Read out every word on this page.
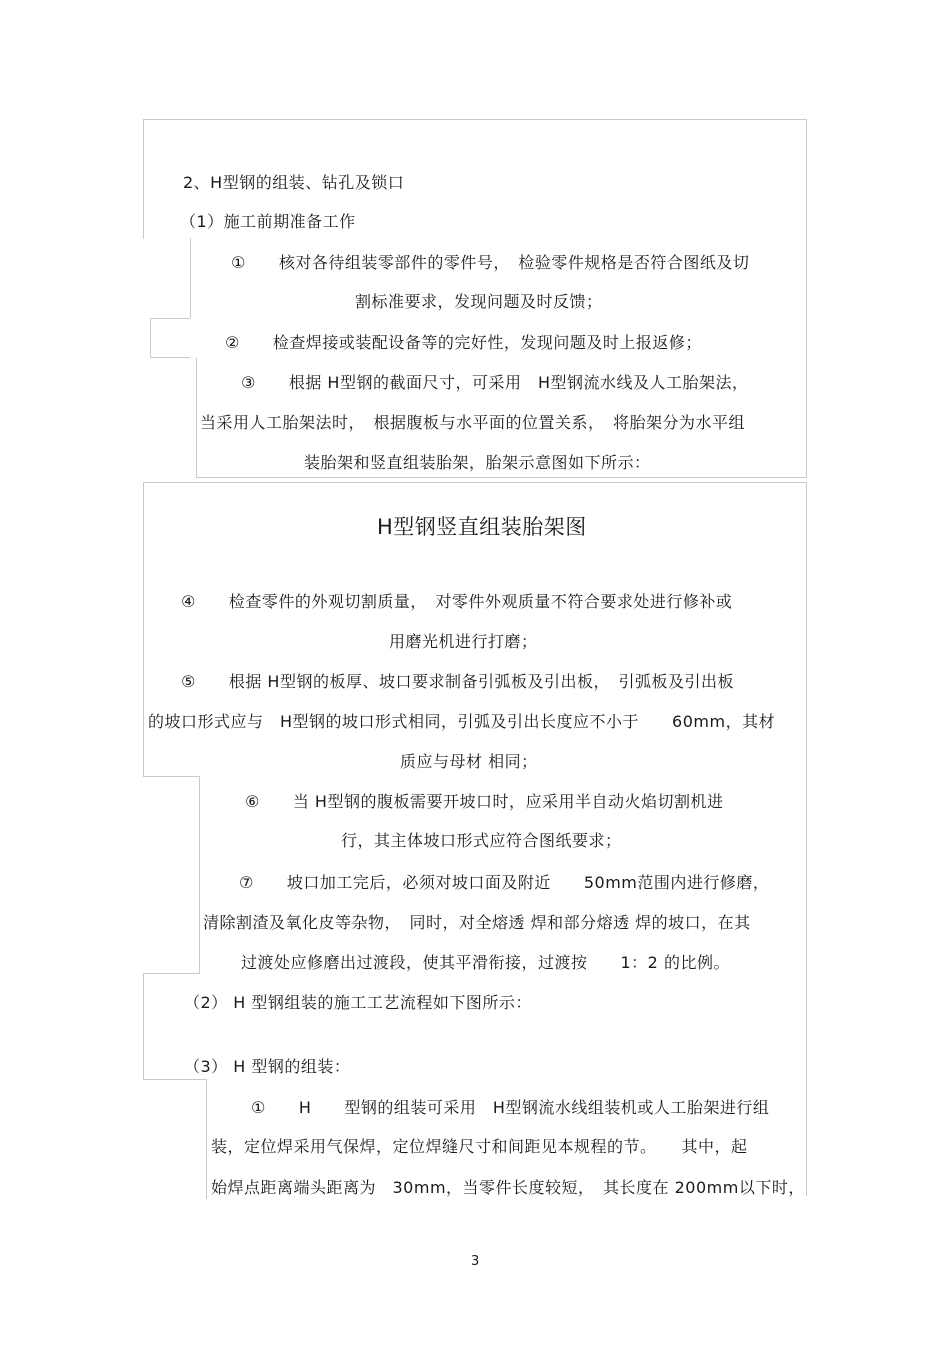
2、H型钢的组装、钻孔及锁口
（1）施工前期准备工作
①　　核对各待组装零部件的零件号，　检验零件规格是否符合图纸及切
割标准要求，发现问题及时反馈；
②　　检查焊接或装配设备等的完好性，发现问题及时上报返修；
③　　根据 H型钢的截面尺寸，可采用　H型钢流水线及人工胎架法，
当采用人工胎架法时，　根据腹板与水平面的位置关系，　将胎架分为水平组
装胎架和竖直组装胎架，胎架示意图如下所示：
H型钢竖直组装胎架图
④　　检查零件的外观切割质量，　对零件外观质量不符合要求处进行修补或
用磨光机进行打磨；
⑤　　根据 H型钢的板厚、坡口要求制备引弧板及引出板，　引弧板及引出板
的坡口形式应与　H型钢的坡口形式相同，引弧及引出长度应不小于　　60mm，其材
质应与母材 相同；
⑥　　当 H型钢的腹板需要开坡口时，应采用半自动火焰切割机进
行，其主体坡口形式应符合图纸要求；
⑦　　坡口加工完后，必须对坡口面及附近　　50mm范围内进行修磨，
清除割渣及氧化皮等杂物，　同时，对全熔透 焊和部分熔透 焊的坡口，在其
过渡处应修磨出过渡段，使其平滑衔接，过渡按　　1：2 的比例。
（2） H 型钢组装的施工工艺流程如下图所示：
（3） H 型钢的组装：
①　　H　　型钢的组装可采用　H型钢流水线组装机或人工胎架进行组
装，定位焊采用气保焊，定位焊缝尺寸和间距见本规程的节。　　其中，起
始焊点距离端头距离为　30mm，当零件长度较短，　其长度在 200mm以下时，
3
